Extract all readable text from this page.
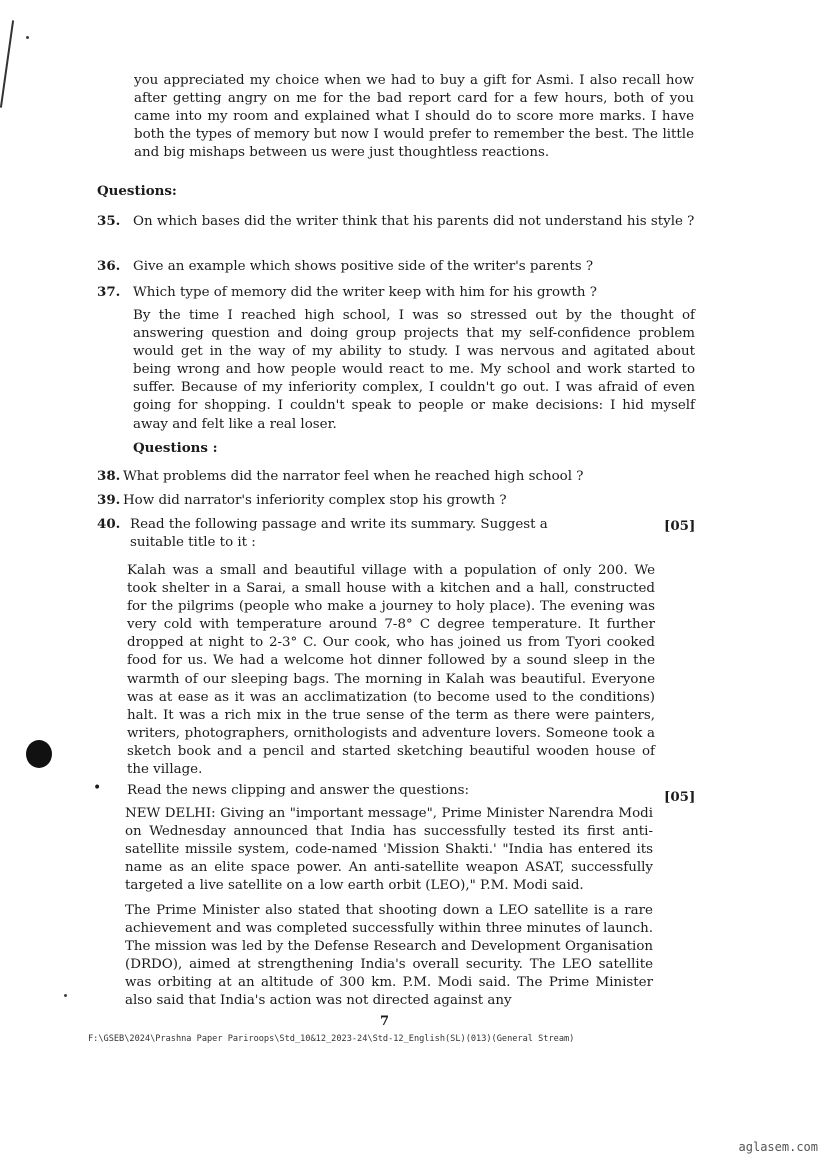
you appreciated my choice when we had to buy a gift for Asmi. I also recall how after getting angry on me for the bad report card for a few hours, both of you came into my room and explained what I should do to score more marks. I have both the types of memory but now I would prefer to remember the best. The little and big mishaps between us were just thoughtless reactions.
Questions:
35. On which bases did the writer think that his parents did not understand his style ?
36. Give an example which shows positive side of the writer's parents ?
37. Which type of memory did the writer keep with him for his growth ?
By the time I reached high school, I was so stressed out by the thought of answering question and doing group projects that my self-confidence problem would get in the way of my ability to study. I was nervous and agitated about being wrong and how people would react to me. My school and work started to suffer. Because of my inferiority complex, I couldn't go out. I was afraid of even going for shopping. I couldn't speak to people or make decisions: I hid myself away and felt like a real loser.
Questions :
38. What problems did the narrator feel when he reached high school ?
39. How did narrator's inferiority complex stop his growth ?
40. Read the following passage and write its summary. Suggest a suitable title to it :
[05]
Kalah was a small and beautiful village with a population of only 200. We took shelter in a Sarai, a small house with a kitchen and a hall, constructed for the pilgrims (people who make a journey to holy place). The evening was very cold with temperature around 7-8° C degree temperature. It further dropped at night to 2-3° C. Our cook, who has joined us from Tyori cooked food for us. We had a welcome hot dinner followed by a sound sleep in the warmth of our sleeping bags. The morning in Kalah was beautiful. Everyone was at ease as it was an acclimatization (to become used to the conditions) halt. It was a rich mix in the true sense of the term as there were painters, writers, photographers, ornithologists and adventure lovers. Someone took a sketch book and a pencil and started sketching beautiful wooden house of the village.
• Read the news clipping and answer the questions:	[05]
NEW DELHI: Giving an "important message", Prime Minister Narendra Modi on Wednesday announced that India has successfully tested its first anti-satellite missile system, code-named 'Mission Shakti.' "India has entered its name as an elite space power. An anti-satellite weapon ASAT, successfully targeted a live satellite on a low earth orbit (LEO)," P.M. Modi said.
The Prime Minister also stated that shooting down a LEO satellite is a rare achievement and was completed successfully within three minutes of launch. The mission was led by the Defense Research and Development Organisation (DRDO), aimed at strengthening India's overall security. The LEO satellite was orbiting at an altitude of 300 km. P.M. Modi said. The Prime Minister also said that India's action was not directed against any
7
F:\GSEB\2024\Prashna Paper Pariroops\Std_10&12_2023-24\Std-12_English(SL)(013)(General Stream)
aglasem.com
